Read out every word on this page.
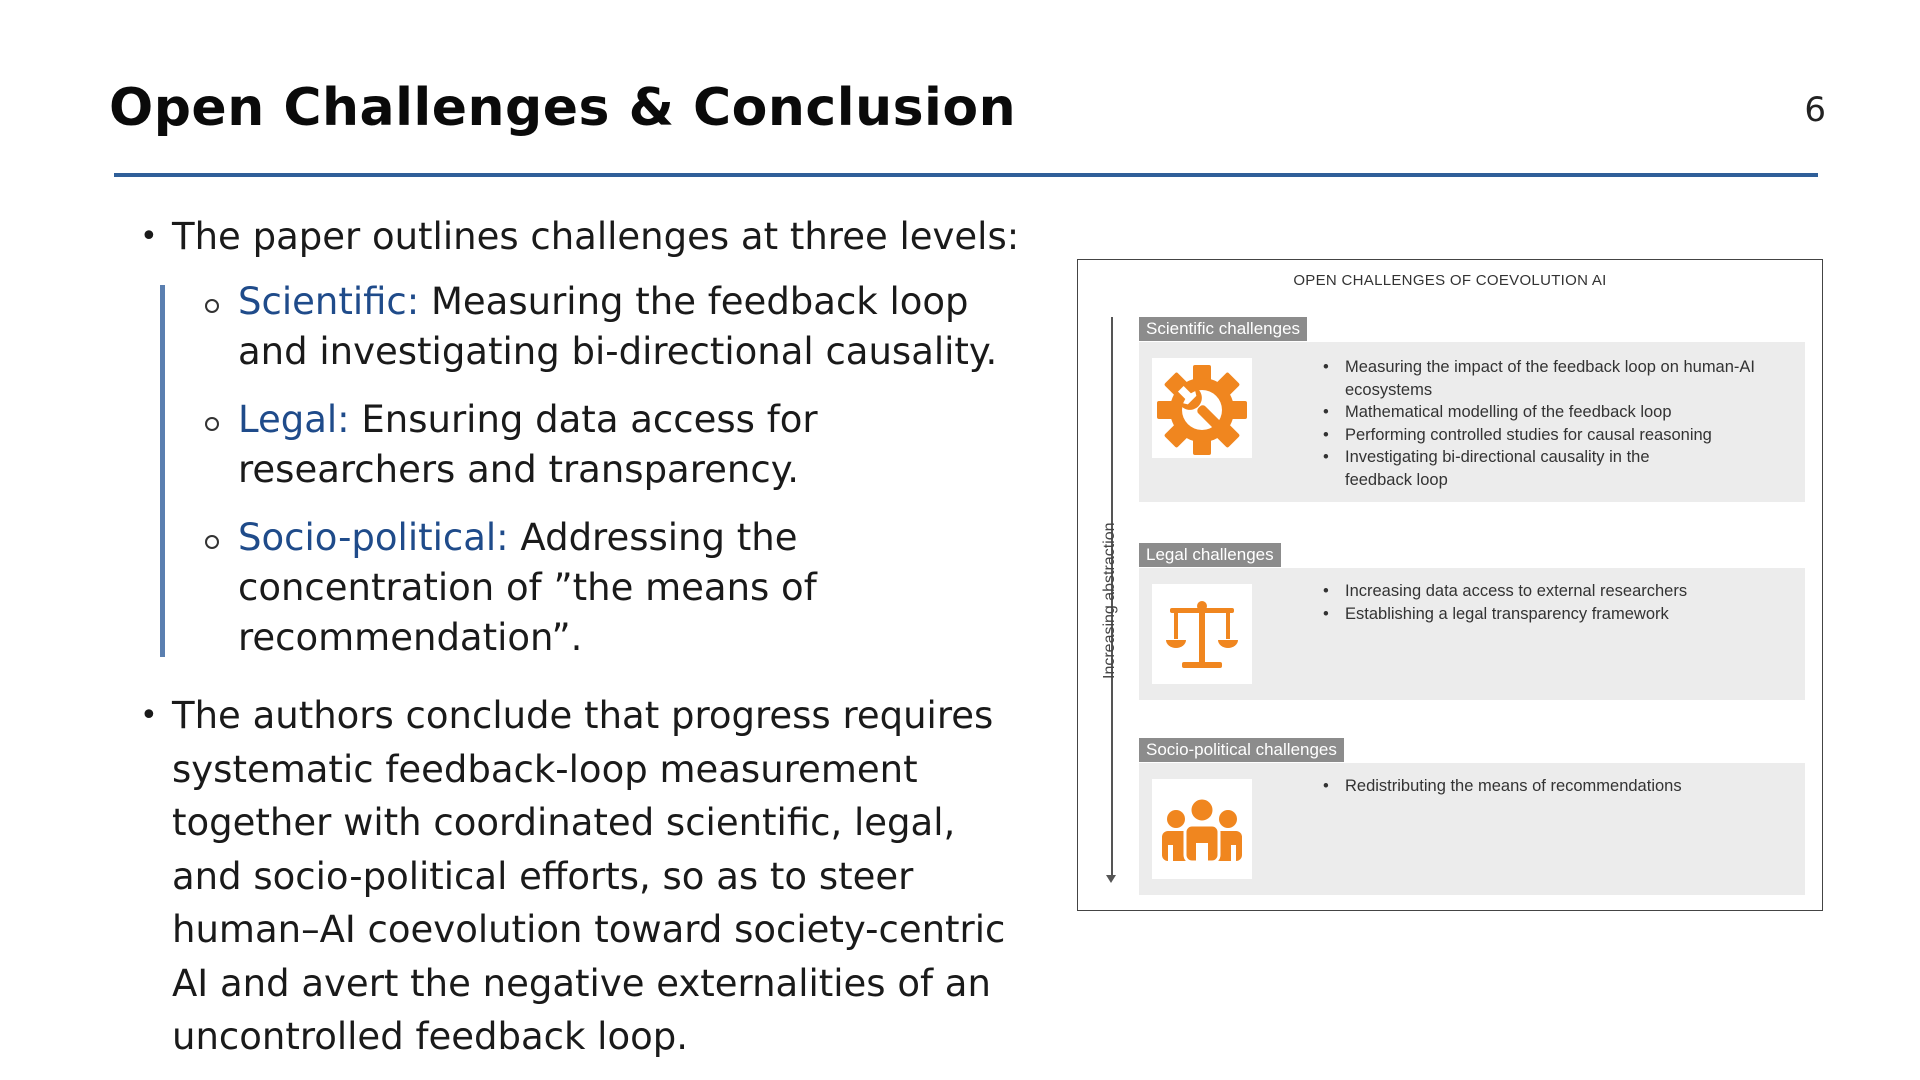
Open Challenges & Conclusion	6
• The paper outlines challenges at three levels:
Scientific: Measuring the feedback loop and investigating bi-directional causality.
Legal: Ensuring data access for researchers and transparency.
Socio-political: Addressing the concentration of ”the means of recommendation”.
• The authors conclude that progress requires systematic feedback-loop measurement together with coordinated scientific, legal, and socio-political efforts, so as to steer human–AI coevolution toward society-centric AI and avert the negative externalities of an uncontrolled feedback loop.
OPEN CHALLENGES OF COEVOLUTION AI
Increasing abstraction
Scientific challenges
• Measuring the impact of the feedback loop on human-AI ecosystems
• Mathematical modelling of the feedback loop
• Performing controlled studies for causal reasoning
• Investigating bi-directional causality in the feedback loop
Legal challenges
• Increasing data access to external researchers
• Establishing a legal transparency framework
Socio-political challenges
• Redistributing the means of recommendations
